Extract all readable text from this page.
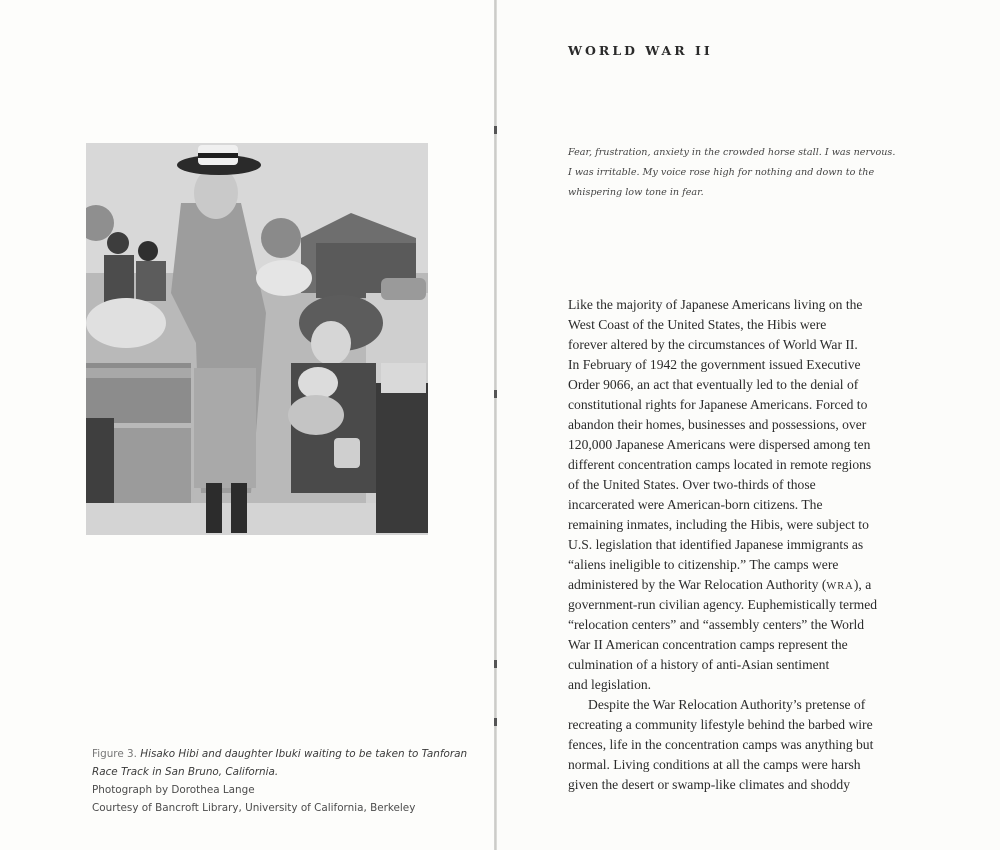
Figure 3. Hisako Hibi and daughter Ibuki waiting to be taken to Tanforan
Race Track in San Bruno, California.
Photograph by Dorothea Lange
Courtesy of Bancroft Library, University of California, Berkeley
WORLD WAR II
Fear, frustration, anxiety in the crowded horse stall. I was nervous.
I was irritable. My voice rose high for nothing and down to the
whispering low tone in fear.
Like the majority of Japanese Americans living on the
West Coast of the United States, the Hibis were
forever altered by the circumstances of World War II.
In February of 1942 the government issued Executive
Order 9066, an act that eventually led to the denial of
constitutional rights for Japanese Americans. Forced to
abandon their homes, businesses and possessions, over
120,000 Japanese Americans were dispersed among ten
different concentration camps located in remote regions
of the United States. Over two-thirds of those
incarcerated were American-born citizens. The
remaining inmates, including the Hibis, were subject to
U.S. legislation that identified Japanese immigrants as
“aliens ineligible to citizenship.” The camps were
administered by the War Relocation Authority (WRA), a
government-run civilian agency. Euphemistically termed
“relocation centers” and “assembly centers” the World
War II American concentration camps represent the
culmination of a history of anti-Asian sentiment
and legislation.
Despite the War Relocation Authority’s pretense of
recreating a community lifestyle behind the barbed wire
fences, life in the concentration camps was anything but
normal. Living conditions at all the camps were harsh
given the desert or swamp-like climates and shoddy
